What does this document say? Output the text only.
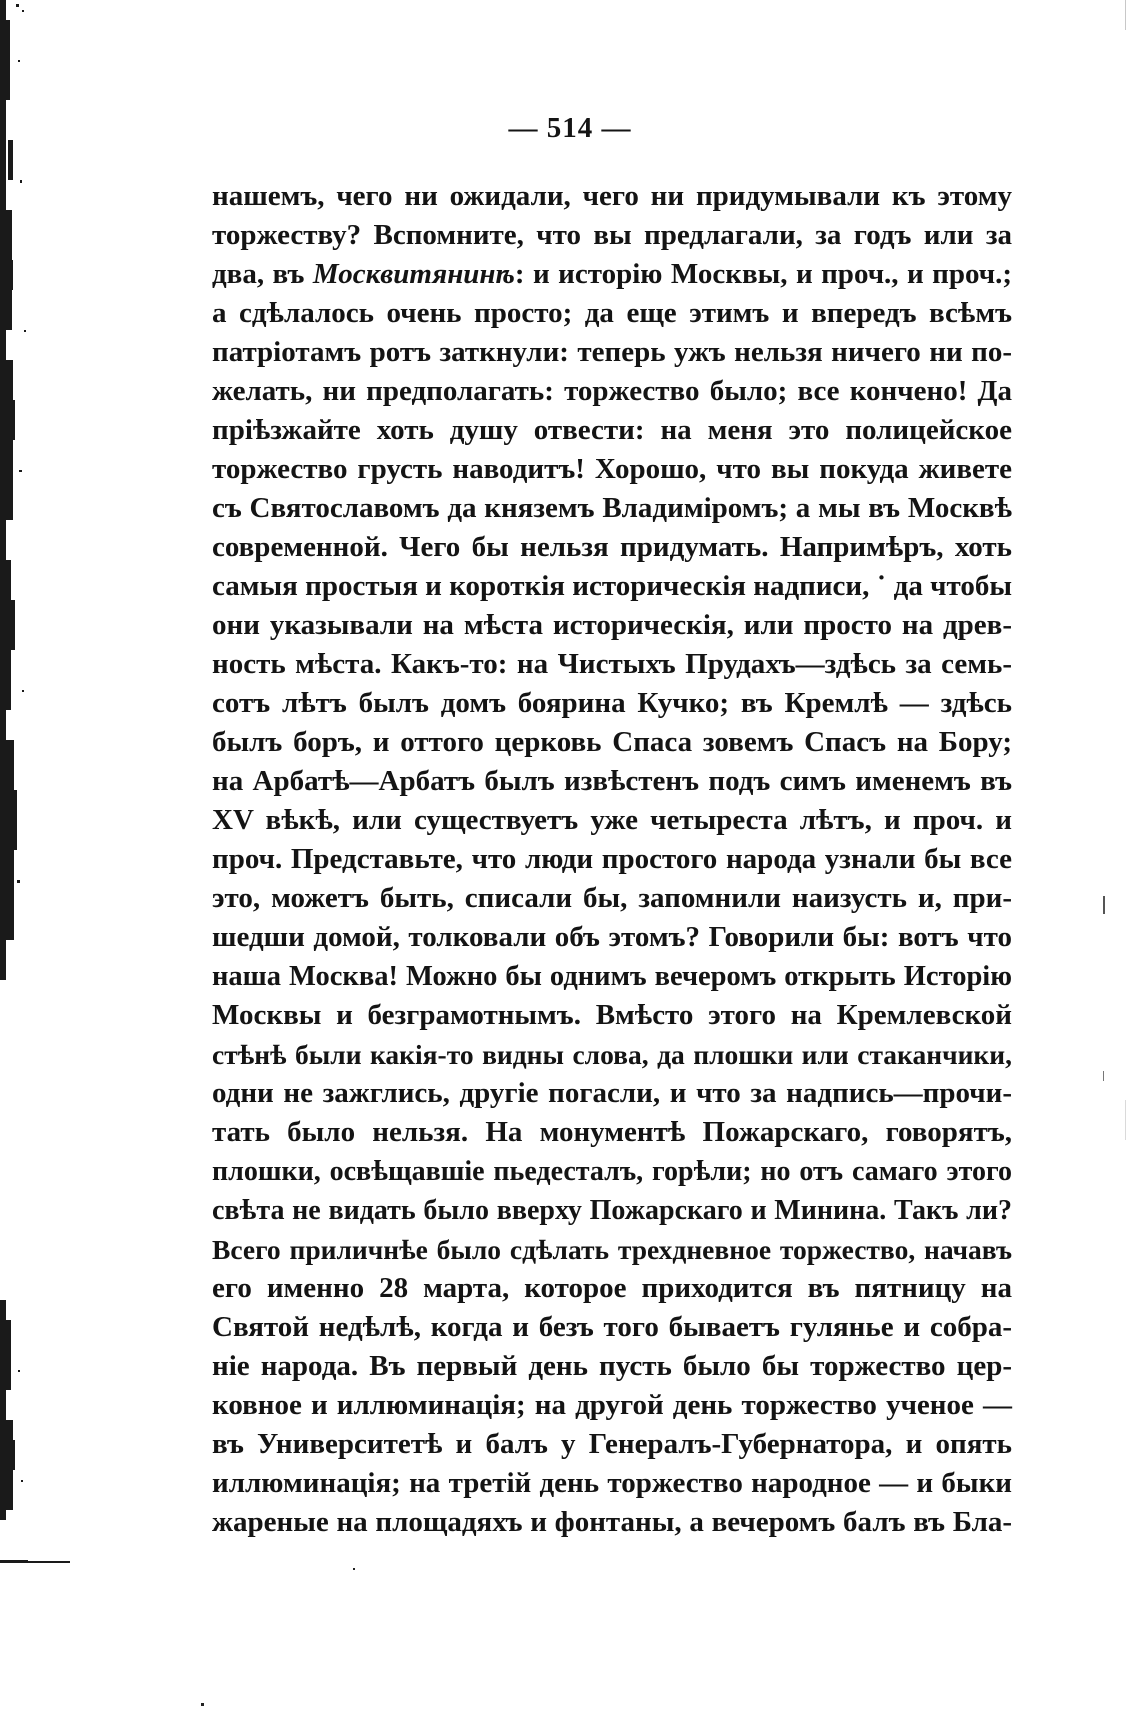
— 514 —
нашемъ, чего ни ожидали, чего ни придумывали къ этому
торжеству? Вспомните, что вы предлагали, за годъ или за
два, въ Москвитянинѣ: и исторію Москвы, и проч., и проч.;
а сдѣлалось очень просто; да еще этимъ и впередъ всѣмъ
патріотамъ ротъ заткнули: теперь ужъ нельзя ничего ни по-
желать, ни предполагать: торжество было; все кончено! Да
пріѣзжайте хоть душу отвести: на меня это полицейское
торжество грусть наводитъ! Хорошо, что вы покуда живете
съ Святославомъ да княземъ Владиміромъ; а мы въ Москвѣ
современной. Чего бы нельзя придумать. Напримѣръ, хоть
самыя простыя и короткія историческія надписи, ˙ да чтобы
они указывали на мѣста историческія, или просто на древ-
ность мѣста. Какъ-то: на Чистыхъ Прудахъ—здѣсь за семь-
сотъ лѣтъ былъ домъ боярина Кучко; въ Кремлѣ — здѣсь
былъ боръ, и оттого церковь Спаса зовемъ Спасъ на Бору;
на Арбатѣ—Арбатъ былъ извѣстенъ подъ симъ именемъ въ
XV вѣкѣ, или существуетъ уже четыреста лѣтъ, и проч. и
проч. Представьте, что люди простого народа узнали бы все
это, можетъ быть, списали бы, запомнили наизусть и, при-
шедши домой, толковали объ этомъ? Говорили бы: вотъ что
наша Москва! Можно бы однимъ вечеромъ открыть Исторію
Москвы и безграмотнымъ. Вмѣсто этого на Кремлевской
стѣнѣ были какія-то видны слова, да плошки или стаканчики,
одни не зажглись, другіе погасли, и что за надпись—прочи-
тать было нельзя. На монументѣ Пожарскаго, говорятъ,
плошки, освѣщавшіе пьедесталъ, горѣли; но отъ самаго этого
свѣта не видать было вверху Пожарскаго и Минина. Такъ ли?
Всего приличнѣе было сдѣлать трехдневное торжество, начавъ
его именно 28 марта, которое приходится въ пятницу на
Святой недѣлѣ, когда и безъ того бываетъ гулянье и собра-
ніе народа. Въ первый день пусть было бы торжество цер-
ковное и иллюминація; на другой день торжество ученое —
въ Университетѣ и балъ у Генералъ-Губернатора, и опять
иллюминація; на третій день торжество народное — и быки
жареные на площадяхъ и фонтаны, а вечеромъ балъ въ Бла-
